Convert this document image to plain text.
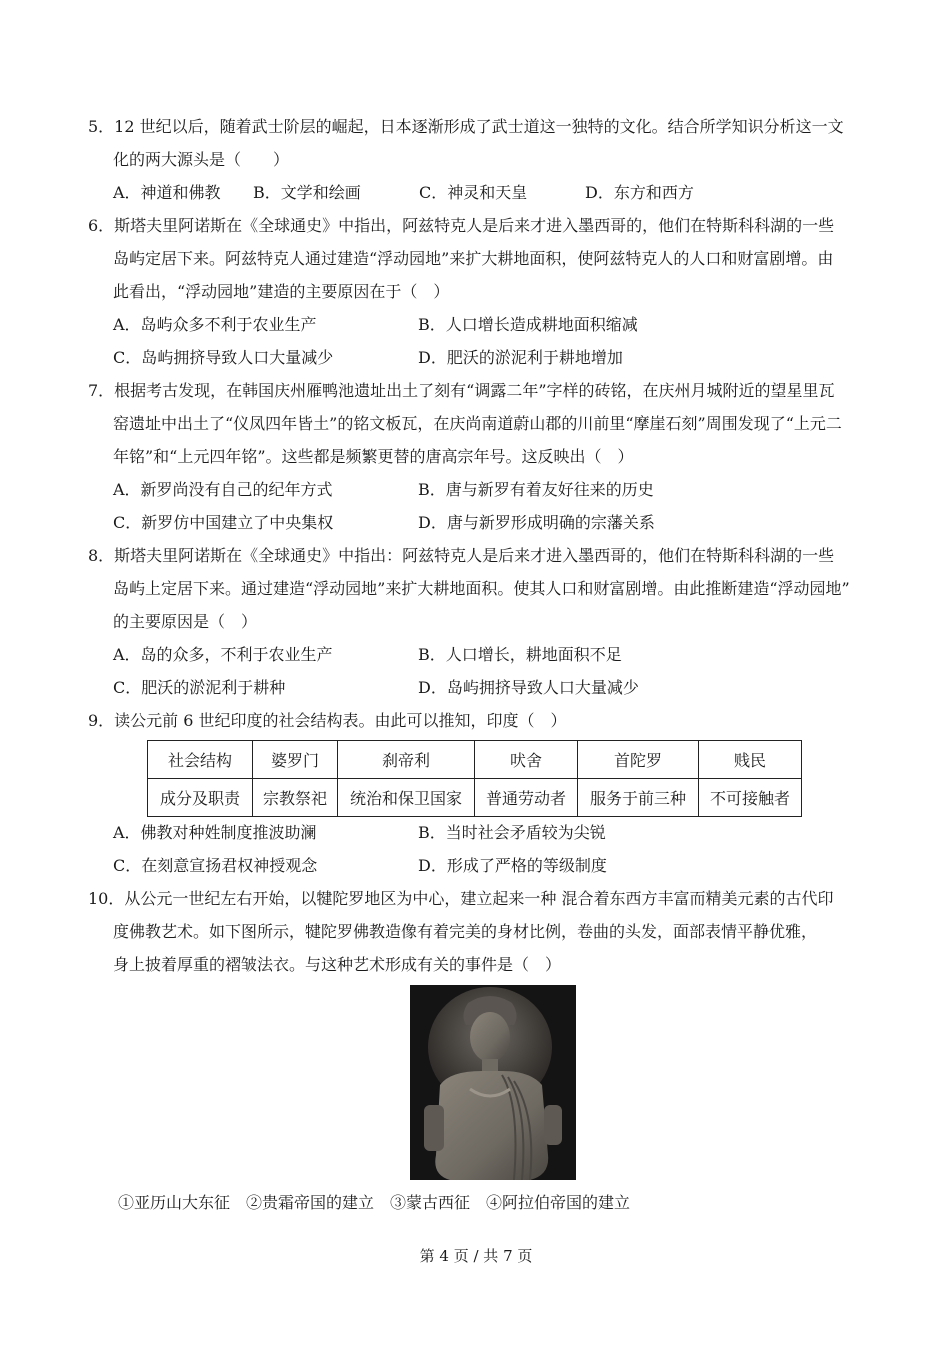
5．12 世纪以后，随着武士阶层的崛起，日本逐渐形成了武士道这一独特的文化。结合所学知识分析这一文
化的两大源头是（　　）
A．神道和佛教	B．文学和绘画	C．神灵和天皇	D．东方和西方
6．斯塔夫里阿诺斯在《全球通史》中指出，阿兹特克人是后来才进入墨西哥的，他们在特斯科科湖的一些
岛屿定居下来。阿兹特克人通过建造“浮动园地”来扩大耕地面积，使阿兹特克人的人口和财富剧增。由
此看出，“浮动园地”建造的主要原因在于（　）
A．岛屿众多不利于农业生产	B．人口增长造成耕地面积缩减
C．岛屿拥挤导致人口大量减少	D．肥沃的淤泥利于耕地增加
7．根据考古发现，在韩国庆州雁鸭池遗址出土了刻有“调露二年”字样的砖铭，在庆州月城附近的望星里瓦
窑遗址中出土了“仪凤四年皆土”的铭文板瓦，在庆尚南道蔚山郡的川前里“摩崖石刻”周围发现了“上元二
年铭”和“上元四年铭”。这些都是频繁更替的唐高宗年号。这反映出（　）
A．新罗尚没有自己的纪年方式	B．唐与新罗有着友好往来的历史
C．新罗仿中国建立了中央集权	D．唐与新罗形成明确的宗藩关系
8．斯塔夫里阿诺斯在《全球通史》中指出：阿兹特克人是后来才进入墨西哥的，他们在特斯科科湖的一些
岛屿上定居下来。通过建造“浮动园地”来扩大耕地面积。使其人口和财富剧增。由此推断建造“浮动园地”
的主要原因是（　）
A．岛的众多，不利于农业生产	B．人口增长，耕地面积不足
C．肥沃的淤泥利于耕种	D．岛屿拥挤导致人口大量减少
9．读公元前 6 世纪印度的社会结构表。由此可以推知，印度（　）
社会结构	婆罗门	刹帝利	吠舍	首陀罗	贱民
成分及职责	宗教祭祀	统治和保卫国家	普通劳动者	服务于前三种	不可接触者
A．佛教对种姓制度推波助澜	B．当时社会矛盾较为尖锐
C．在刻意宣扬君权神授观念	D．形成了严格的等级制度
10．从公元一世纪左右开始，以犍陀罗地区为中心，建立起来一种 混合着东西方丰富而精美元素的古代印
度佛教艺术。如下图所示，犍陀罗佛教造像有着完美的身材比例，卷曲的头发，面部表情平静优雅，
身上披着厚重的褶皱法衣。与这种艺术形成有关的事件是（　）
①亚历山大东征　②贵霜帝国的建立　③蒙古西征　④阿拉伯帝国的建立
第 4 页 / 共 7 页
